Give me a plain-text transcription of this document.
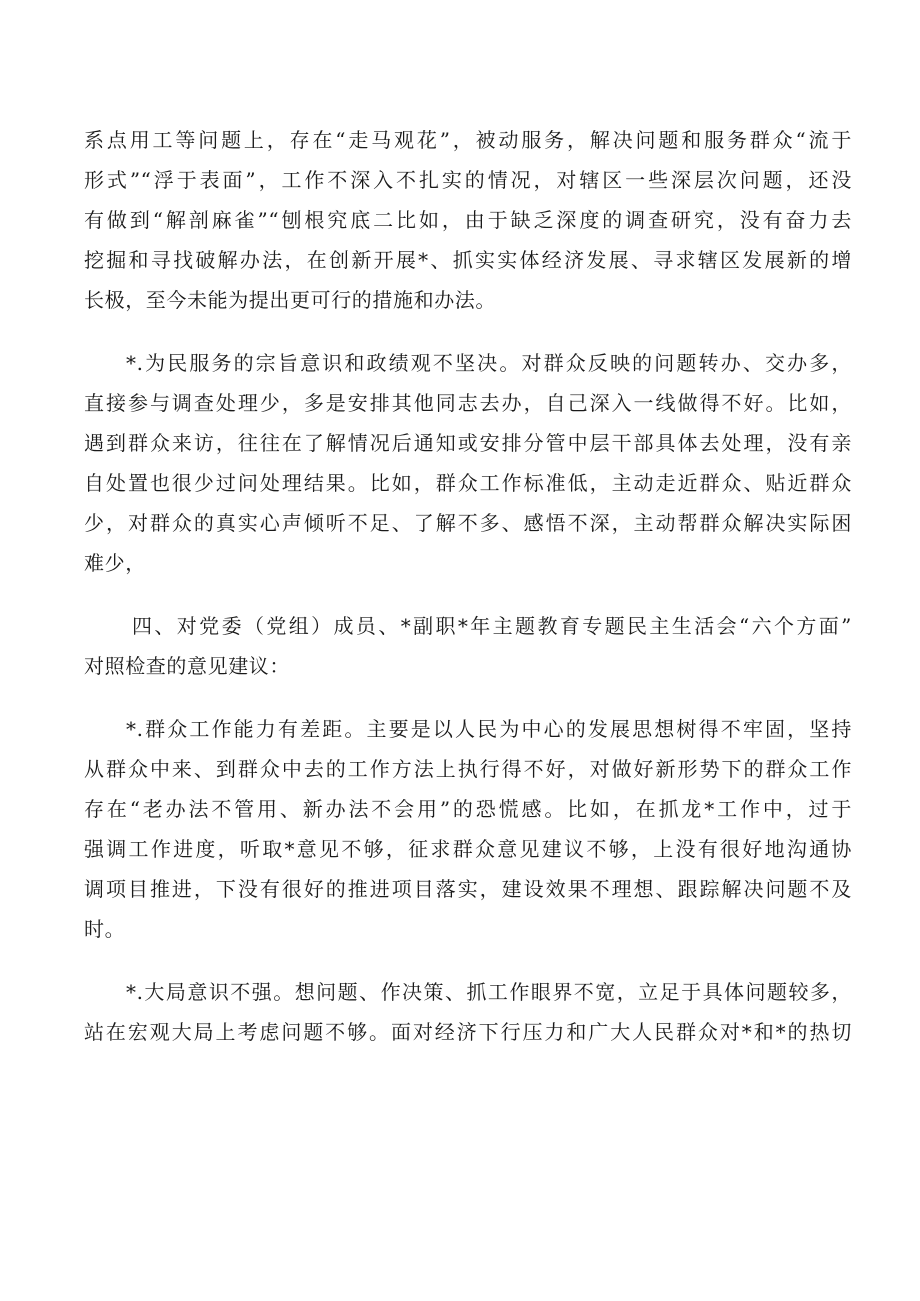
系点用工等问题上，存在“走马观花”，被动服务，解决问题和服务群众“流于
形式”“浮于表面”，工作不深入不扎实的情况，对辖区一些深层次问题，还没
有做到“解剖麻雀”“刨根究底二比如，由于缺乏深度的调查研究，没有奋力去
挖掘和寻找破解办法，在创新开展*、抓实实体经济发展、寻求辖区发展新的增
长极，至今未能为提出更可行的措施和办法。
*.为民服务的宗旨意识和政绩观不坚决。对群众反映的问题转办、交办多，
直接参与调查处理少，多是安排其他同志去办，自己深入一线做得不好。比如，
遇到群众来访，往往在了解情况后通知或安排分管中层干部具体去处理，没有亲
自处置也很少过问处理结果。比如，群众工作标准低，主动走近群众、贴近群众
少，对群众的真实心声倾听不足、了解不多、感悟不深，主动帮群众解决实际困
难少，
四、对党委（党组）成员、*副职*年主题教育专题民主生活会“六个方面”
对照检查的意见建议：
*.群众工作能力有差距。主要是以人民为中心的发展思想树得不牢固，坚持
从群众中来、到群众中去的工作方法上执行得不好，对做好新形势下的群众工作
存在“老办法不管用、新办法不会用”的恐慌感。比如，在抓龙*工作中，过于
强调工作进度，听取*意见不够，征求群众意见建议不够，上没有很好地沟通协
调项目推进，下没有很好的推进项目落实，建设效果不理想、跟踪解决问题不及
时。
*.大局意识不强。想问题、作决策、抓工作眼界不宽，立足于具体问题较多，
站在宏观大局上考虑问题不够。面对经济下行压力和广大人民群众对*和*的热切
